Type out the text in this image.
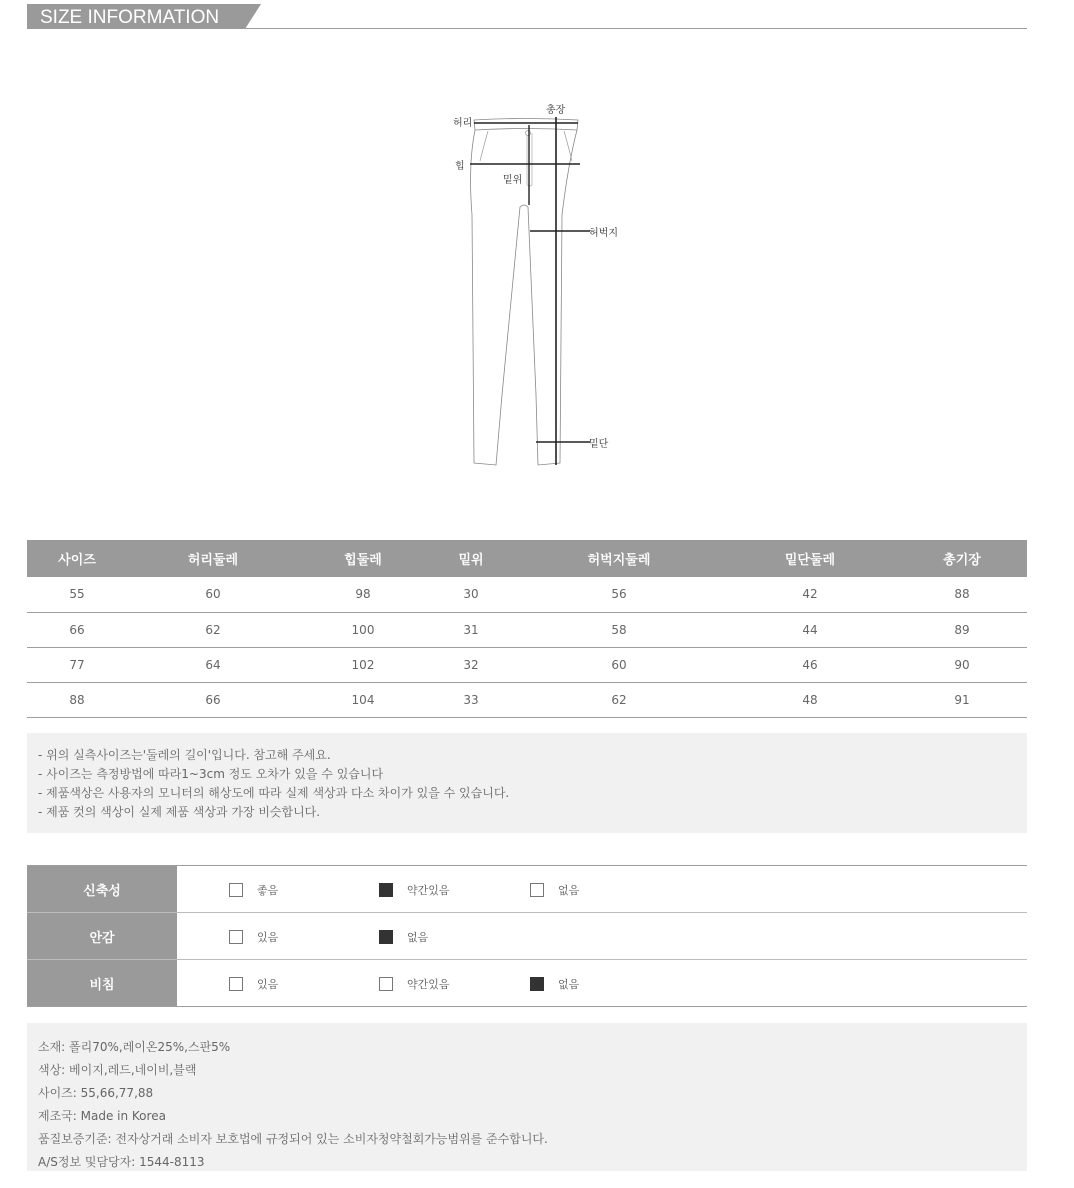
SIZE INFORMATION
허리
총장
힙
밑위
허벅지
밑단
사이즈	허리둘레	힙둘레	밑위	허벅지둘레	밑단둘레	총기장
55	60	98	30	56	42	88
66	62	100	31	58	44	89
77	64	102	32	60	46	90
88	66	104	33	62	48	91
- 위의 실측사이즈는'둘레의 길이'입니다. 참고해 주세요.
- 사이즈는 측정방법에 따라1~3cm 정도 오차가 있을 수 있습니다
- 제품색상은 사용자의 모니터의 해상도에 따라 실제 색상과 다소 차이가 있을 수 있습니다.
- 제품 컷의 색상이 실제 제품 색상과 가장 비슷합니다.
신축성	좋음	약간있음	없음
안감	있음	없음
비침	있음	약간있음	없음
소재: 폴리70%,레이온25%,스판5%
색상: 베이지,레드,네이비,블랙
사이즈: 55,66,77,88
제조국: Made in Korea
품질보증기준: 전자상거래 소비자 보호법에 규정되어 있는 소비자청약철회가능범위를 준수합니다.
A/S정보 및담당자: 1544-8113
